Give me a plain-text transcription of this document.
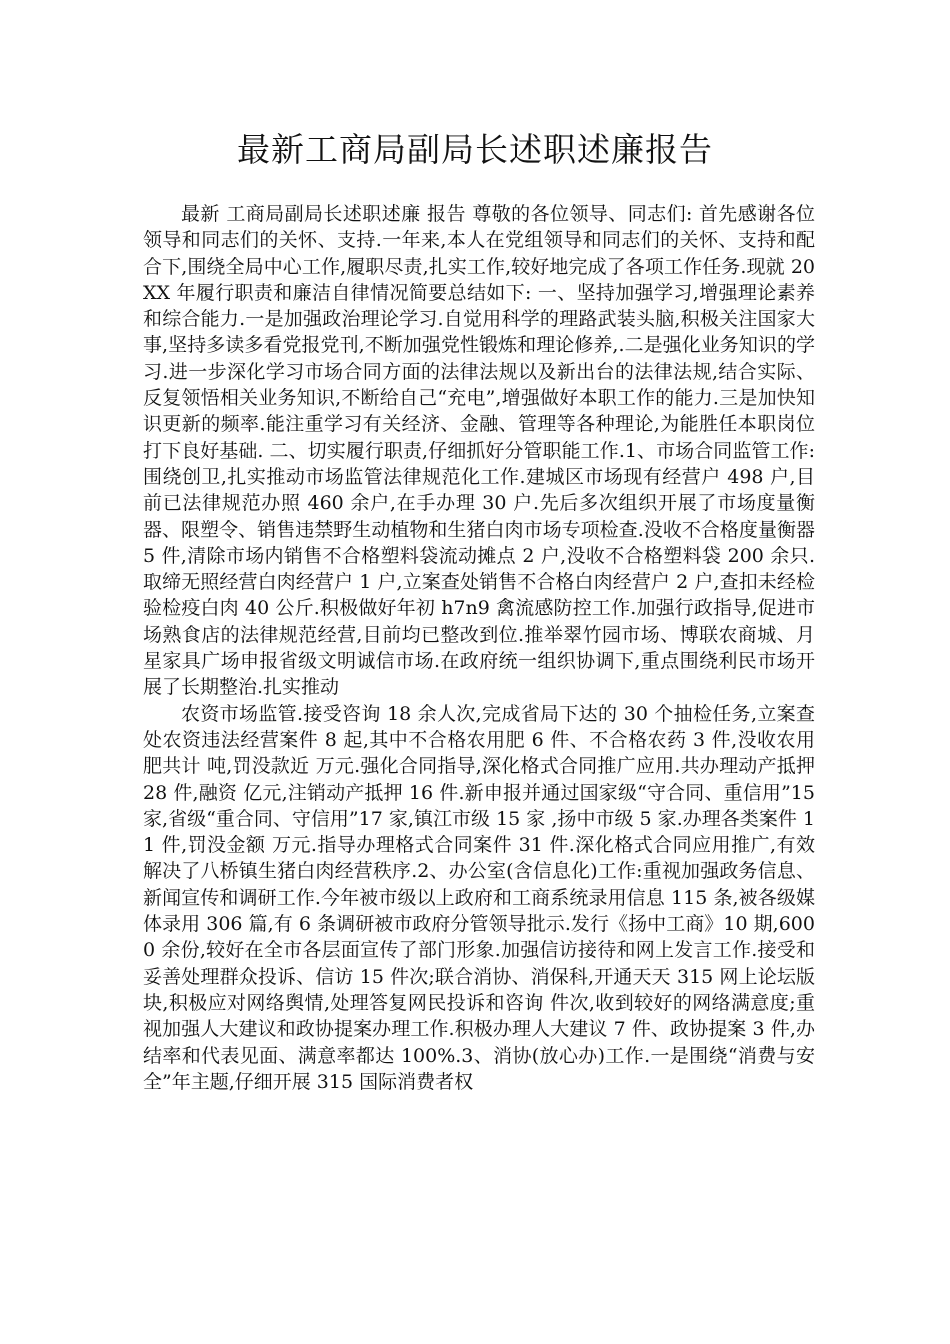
最新工商局副局长述职述廉报告

最新 工商局副局长述职述廉 报告 尊敬的各位领导、同志们: 首先感谢各位领导和同志们的关怀、支持.一年来,本人在党组领导和同志们的关怀、支持和配合下,围绕全局中心工作,履职尽责,扎实工作,较好地完成了各项工作任务.现就 20XX 年履行职责和廉洁自律情况简要总结如下: 一、坚持加强学习,增强理论素养和综合能力.一是加强政治理论学习.自觉用科学的理路武装头脑,积极关注国家大事,坚持多读多看党报党刊,不断加强党性锻炼和理论修养,.二是强化业务知识的学习.进一步深化学习市场合同方面的法律法规以及新出台的法律法规,结合实际、反复领悟相关业务知识,不断给自己“充电”,增强做好本职工作的能力.三是加快知识更新的频率.能注重学习有关经济、金融、管理等各种理论,为能胜任本职岗位打下良好基础. 二、切实履行职责,仔细抓好分管职能工作.1、市场合同监管工作:围绕创卫,扎实推动市场监管法律规范化工作.建城区市场现有经营户 498 户,目前已法律规范办照 460 余户,在手办理 30 户.先后多次组织开展了市场度量衡器、限塑令、销售违禁野生动植物和生猪白肉市场专项检查.没收不合格度量衡器 5 件,清除市场内销售不合格塑料袋流动摊点 2 户,没收不合格塑料袋 200 余只.取缔无照经营白肉经营户 1 户,立案查处销售不合格白肉经营户 2 户,查扣未经检验检疫白肉 40 公斤.积极做好年初 h7n9 禽流感防控工作.加强行政指导,促进市场熟食店的法律规范经营,目前均已整改到位.推举翠竹园市场、博联农商城、月星家具广场申报省级文明诚信市场.在政府统一组织协调下,重点围绕利民市场开展了长期整治.扎实推动

农资市场监管.接受咨询 18 余人次,完成省局下达的 30 个抽检任务,立案查处农资违法经营案件 8 起,其中不合格农用肥 6 件、不合格农药 3 件,没收农用肥共计 吨,罚没款近 万元.强化合同指导,深化格式合同推广应用.共办理动产抵押 28 件,融资 亿元,注销动产抵押 16 件.新申报并通过国家级“守合同、重信用”15 家,省级“重合同、守信用”17 家,镇江市级 15 家 ,扬中市级 5 家.办理各类案件 11 件,罚没金额 万元.指导办理格式合同案件 31 件.深化格式合同应用推广,有效解决了八桥镇生猪白肉经营秩序.2、办公室(含信息化)工作:重视加强政务信息、新闻宣传和调研工作.今年被市级以上政府和工商系统录用信息 115 条,被各级媒体录用 306 篇,有 6 条调研被市政府分管领导批示.发行《扬中工商》10 期,6000 余份,较好在全市各层面宣传了部门形象.加强信访接待和网上发言工作.接受和妥善处理群众投诉、信访 15 件次;联合消协、消保科,开通天天 315 网上论坛版块,积极应对网络舆情,处理答复网民投诉和咨询 件次,收到较好的网络满意度;重视加强人大建议和政协提案办理工作.积极办理人大建议 7 件、政协提案 3 件,办结率和代表见面、满意率都达 100%.3、消协(放心办)工作.一是围绕“消费与安全”年主题,仔细开展 315 国际消费者权
